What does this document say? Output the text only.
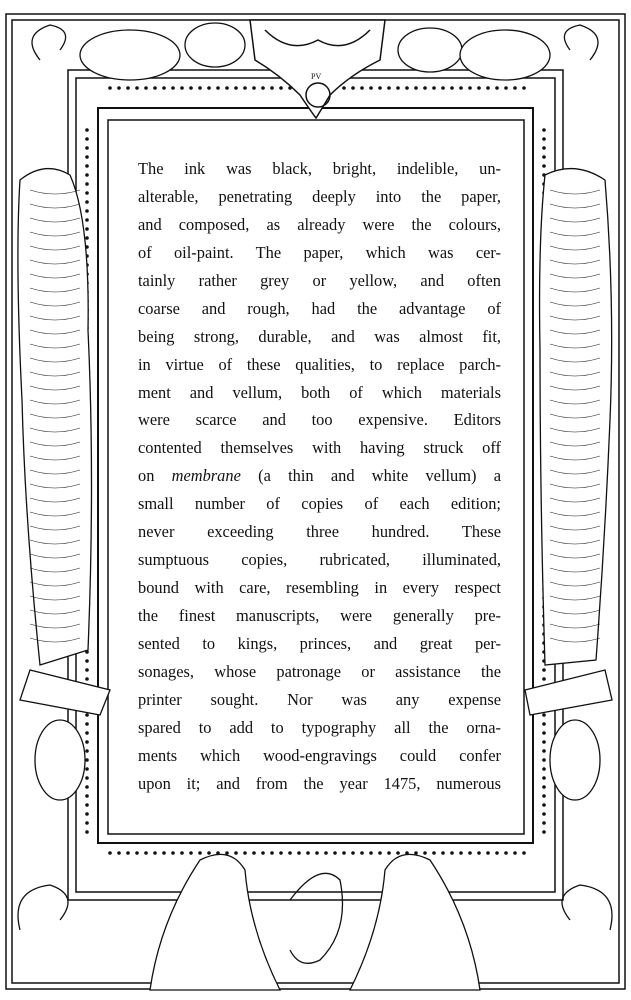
PV
The ink was black, bright, indelible, un-
alterable, penetrating deeply into the paper,
and composed, as already were the colours,
of oil-paint. The paper, which was cer-
tainly rather grey or yellow, and often
coarse and rough, had the advantage of
being strong, durable, and was almost fit,
in virtue of these qualities, to replace parch-
ment and vellum, both of which materials
were scarce and too expensive. Editors
contented themselves with having struck off
on membrane (a thin and white vellum) a
small number of copies of each edition;
never exceeding three hundred. These
sumptuous copies, rubricated, illuminated,
bound with care, resembling in every respect
the finest manuscripts, were generally pre-
sented to kings, princes, and great per-
sonages, whose patronage or assistance the
printer sought. Nor was any expense
spared to add to typography all the orna-
ments which wood-engravings could confer
upon it; and from the year 1475, numerous
